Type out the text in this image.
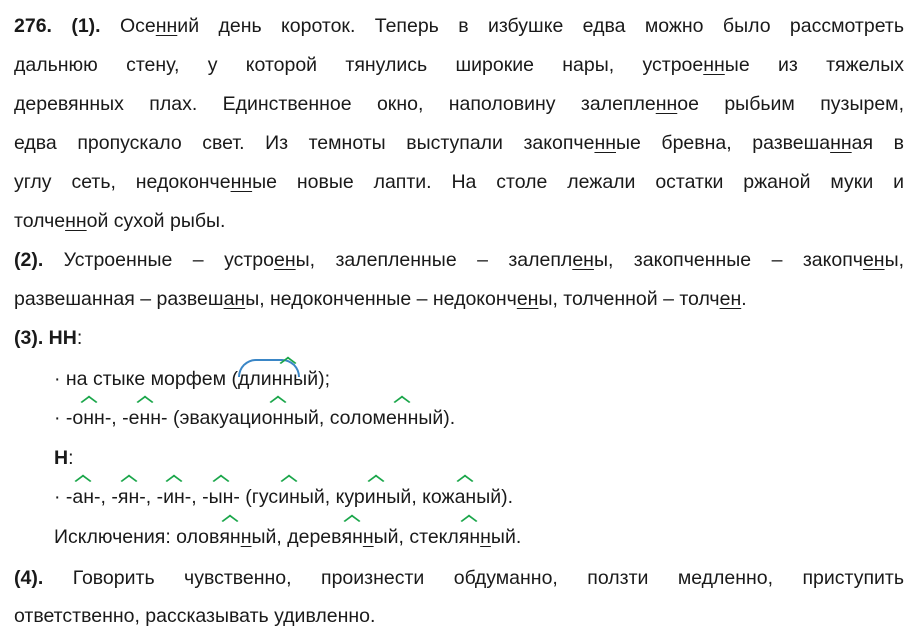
276. (1). Осенний день короток. Теперь в избушке едва можно было рассмотреть
дальнюю стену, у которой тянулись широкие нары, устроенные из тяжелых
деревянных плах. Единственное окно, наполовину залепленное рыбьим пузырем,
едва пропускало свет. Из темноты выступали закопченные бревна, развешанная в
углу сеть, недоконченные новые лапти. На столе лежали остатки ржаной муки и
толченной сухой рыбы.
(2). Устроенные – устроены, залепленные – залеплены, закопченные – закопчены,
развешанная – развешаны, недоконченные – недокончены, толченной – толчен.
(3). НН:
· на стыке морфем (
длинный);
· -онн-, -енн- (эвакуационный, соломенный).
Н:
· -ан-, -ян-, -ин-, -ын- (гусиный, куриный, кожаный).
Исключения: оловянный, деревянный, стеклянный.
(4). Говорить чувственно, произнести обдуманно, ползти медленно, приступить
ответственно, рассказывать удивленно.
